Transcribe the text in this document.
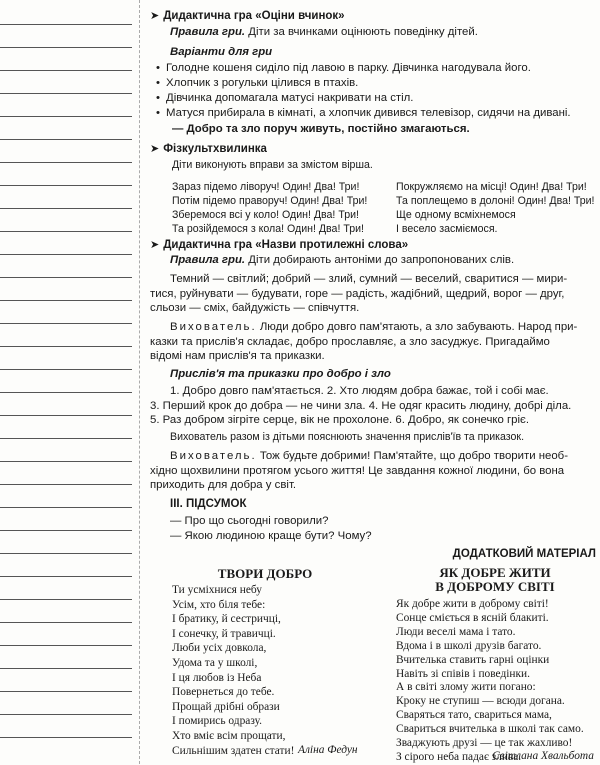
➤ Дидактична гра «Оціни вчинок»
Правила гри. Діти за вчинками оцінюють поведінку дітей.
Варіанти для гри
• Голодне кошеня сиділо під лавою в парку. Дівчинка нагодувала його.
• Хлопчик з рогульки цілився в птахів.
• Дівчинка допомагала матусі накривати на стіл.
• Матуся прибирала в кімнаті, а хлопчик дивився телевізор, сидячи на дивані.
— Добро та зло поруч живуть, постійно змагаються.
➤ Фізкультхвилинка
Діти виконують вправи за змістом вірша.
Зараз підемо ліворуч! Один! Два! Три!
Потім підемо праворуч! Один! Два! Три!
Зберемося всі у коло! Один! Два! Три!
Та розійдемося з кола! Один! Два! Три!
Покружляємо на місці! Один! Два! Три!
Та поплещемо в долоні! Один! Два! Три!
Ще одному всміхнемося
І весело засміємося.
➤ Дидактична гра «Назви протилежні слова»
Правила гри. Діти добирають антоніми до запропонованих слів.
Темний — світлий; добрий — злий, сумний — веселий, сваритися — мири-
тися, руйнувати — будувати, горе — радість, жадібний, щедрий, ворог — друг,
сльози — сміх, байдужість — співчуття.
Вихователь. Люди добро довго пам'ятають, а зло забувають. Народ при-
казки та прислів'я складає, добро прославляє, а зло засуджує. Пригадаймо
відомі нам прислів'я та приказки.
Прислів'я та приказки про добро і зло
1. Добро довго пам'ятається. 2. Хто людям добра бажає, той і собі має.
3. Перший крок до добра — не чини зла. 4. Не одяг красить людину, добрі діла.
5. Раз добром зігріте серце, вік не прохолоне. 6. Добро, як сонечко гріє.
Вихователь разом із дітьми пояснюють значення прислів'їв та приказок.
Вихователь. Тож будьте добрими! Пам'ятайте, що добро творити необ-
хідно щохвилини протягом усього життя! Це завдання кожної людини, бо вона
приходить для добра у світ.
ІІІ. ПІДСУМОК
— Про що сьогодні говорили?
— Якою людиною краще бути? Чому?
ДОДАТКОВИЙ МАТЕРІАЛ
ТВОРИ ДОБРО
Ти усміхнися небу
Усім, хто біля тебе:
І братику, й сестричці,
І сонечку, й травичці.
Люби усіх довкола,
Удома та у школі,
І ця любов із Неба
Повернеться до тебе.
Прощай дрібні образи
І помирись одразу.
Хто вміє всім прощати,
Сильнішим здатен стати! Аліна Федун
ЯК ДОБРЕ ЖИТИ
В ДОБРОМУ СВІТІ
Як добре жити в доброму світі!
Сонце сміється в ясній блакиті.
Люди веселі мама і тато.
Вдома і в школі друзів багато.
Вчителька ставить гарні оцінки
Навіть зі співів і поведінки.
А в світі злому жити погано:
Кроку не ступиш — всюди догана.
Сваряться тато, свариться мама,
Свариться вчителька в школі так само.
Зваджують друзі — це так жахливо!
З сірого неба падає злива.
Світлана Хвальбота
